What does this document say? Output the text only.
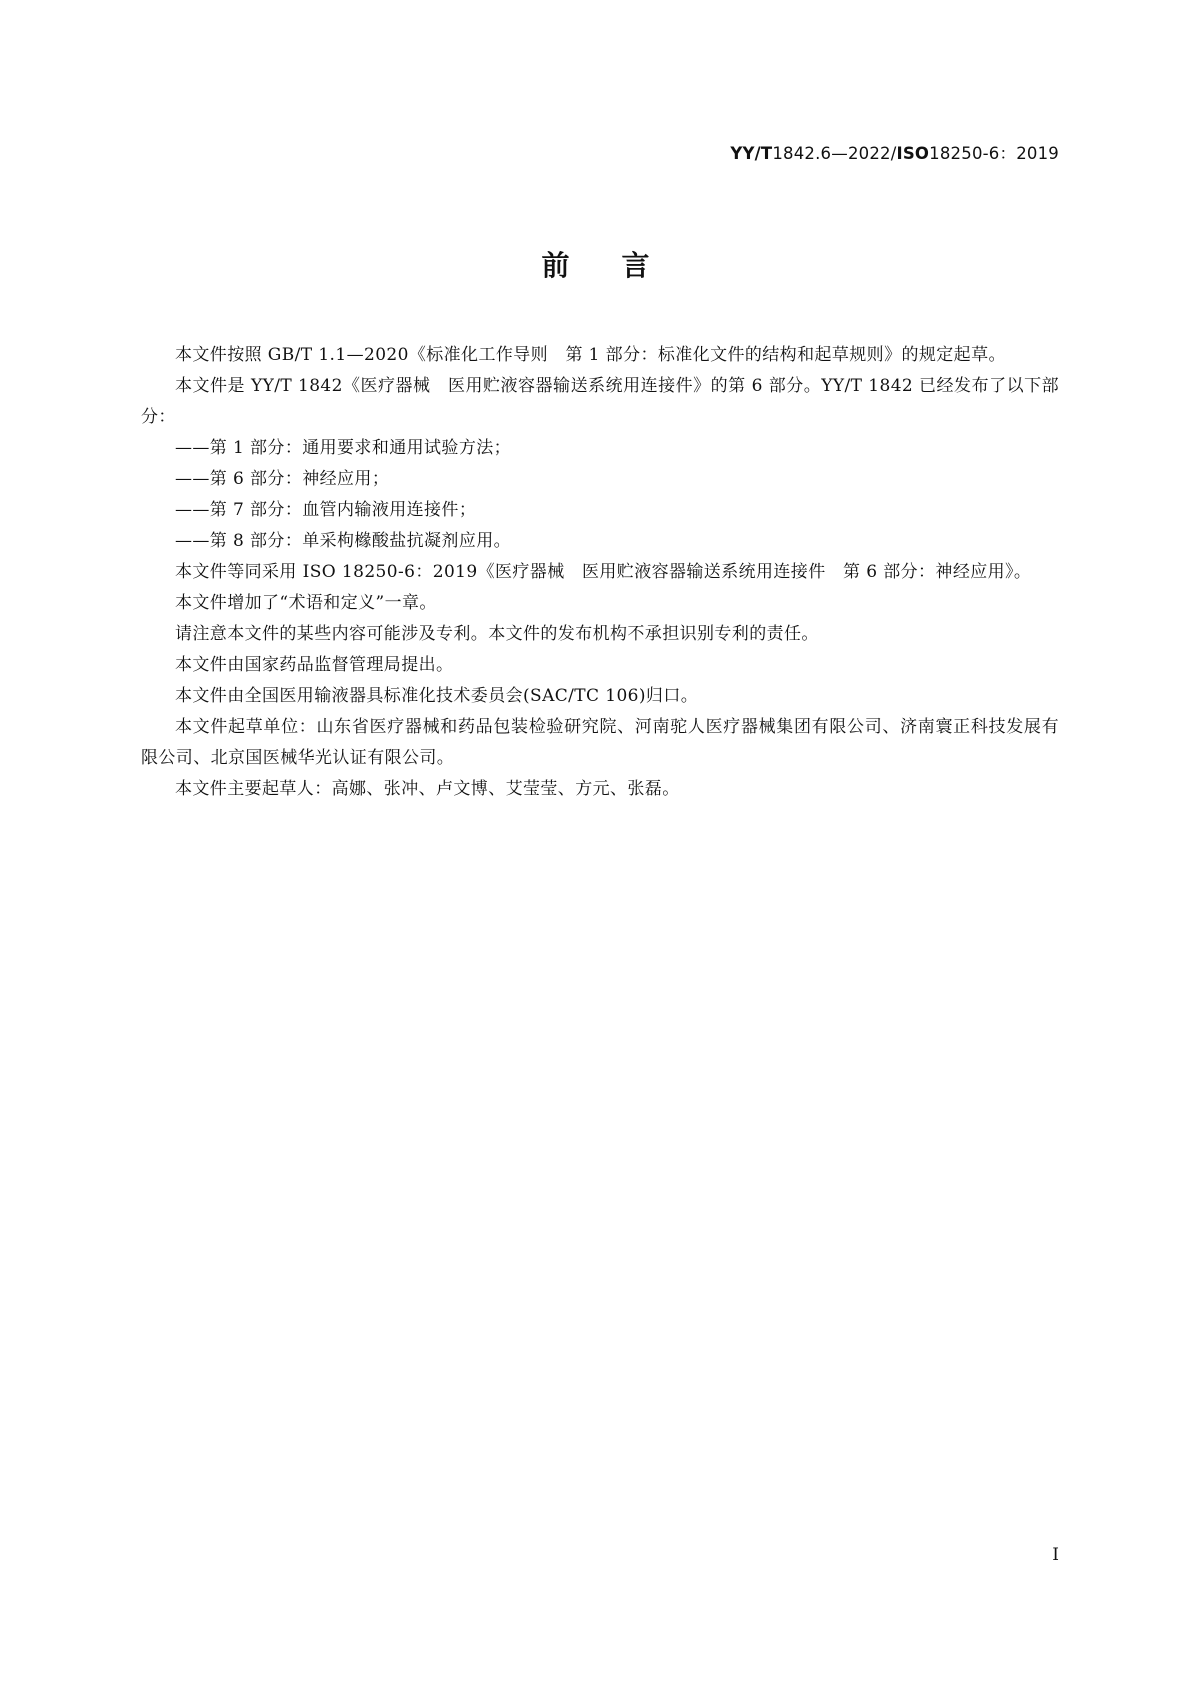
YY/T1842.6—2022/ISO18250-6：2019
前言

本文件按照 GB/T 1.1—2020《标准化工作导则　第 1 部分：标准化文件的结构和起草规则》的规定起草。

本文件是 YY/T 1842《医疗器械　医用贮液容器输送系统用连接件》的第 6 部分。YY/T 1842 已经发布了以下部分：

——第 1 部分：通用要求和通用试验方法；

——第 6 部分：神经应用；

——第 7 部分：血管内输液用连接件；

——第 8 部分：单采枸橼酸盐抗凝剂应用。

本文件等同采用 ISO 18250-6：2019《医疗器械　医用贮液容器输送系统用连接件　第 6 部分：神经应用》。

本文件增加了“术语和定义”一章。

请注意本文件的某些内容可能涉及专利。本文件的发布机构不承担识别专利的责任。

本文件由国家药品监督管理局提出。

本文件由全国医用输液器具标准化技术委员会(SAC/TC 106)归口。

本文件起草单位：山东省医疗器械和药品包装检验研究院、河南驼人医疗器械集团有限公司、济南寰正科技发展有限公司、北京国医械华光认证有限公司。

本文件主要起草人：高娜、张冲、卢文博、艾莹莹、方元、张磊。

I
